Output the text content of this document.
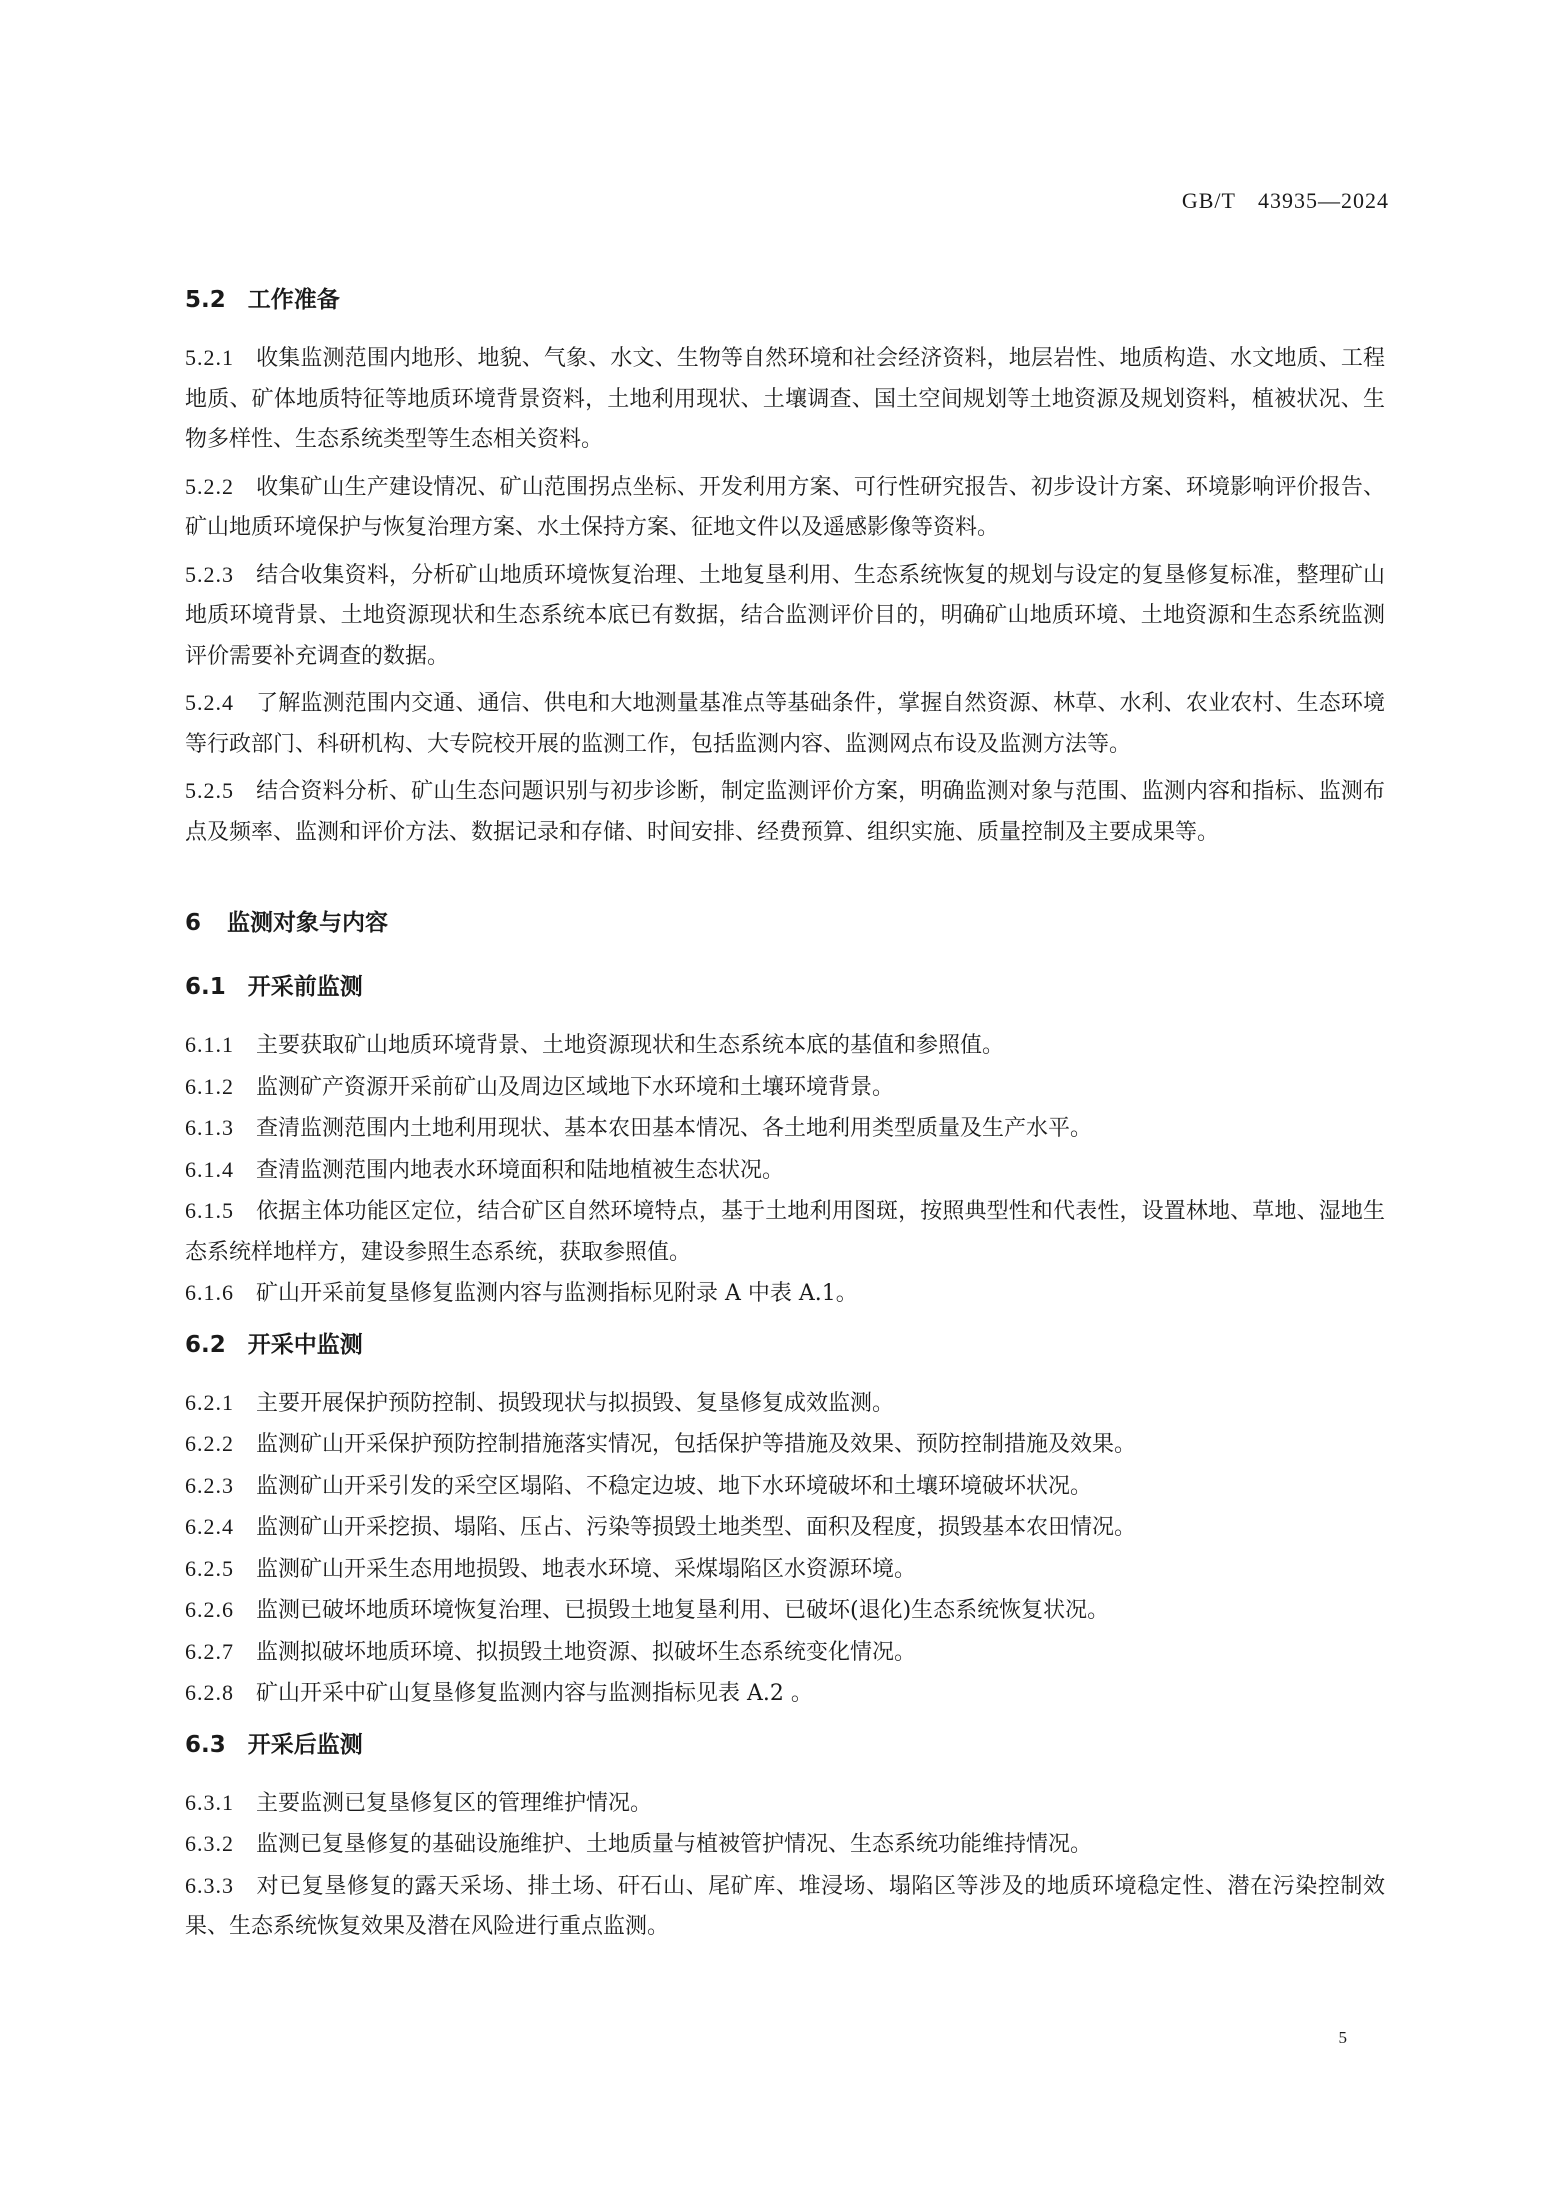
GB/T 43935—2024
5.2 工作准备

5.2.1 收集监测范围内地形、地貌、气象、水文、生物等自然环境和社会经济资料，地层岩性、地质构造、水文地质、工程地质、矿体地质特征等地质环境背景资料，土地利用现状、土壤调查、国土空间规划等土地资源及规划资料，植被状况、生物多样性、生态系统类型等生态相关资料。

5.2.2 收集矿山生产建设情况、矿山范围拐点坐标、开发利用方案、可行性研究报告、初步设计方案、环境影响评价报告、矿山地质环境保护与恢复治理方案、水土保持方案、征地文件以及遥感影像等资料。

5.2.3 结合收集资料，分析矿山地质环境恢复治理、土地复垦利用、生态系统恢复的规划与设定的复垦修复标准，整理矿山地质环境背景、土地资源现状和生态系统本底已有数据，结合监测评价目的，明确矿山地质环境、土地资源和生态系统监测评价需要补充调查的数据。

5.2.4 了解监测范围内交通、通信、供电和大地测量基准点等基础条件，掌握自然资源、林草、水利、农业农村、生态环境等行政部门、科研机构、大专院校开展的监测工作，包括监测内容、监测网点布设及监测方法等。

5.2.5 结合资料分析、矿山生态问题识别与初步诊断，制定监测评价方案，明确监测对象与范围、监测内容和指标、监测布点及频率、监测和评价方法、数据记录和存储、时间安排、经费预算、组织实施、质量控制及主要成果等。

6 监测对象与内容
6.1 开采前监测

6.1.1 主要获取矿山地质环境背景、土地资源现状和生态系统本底的基值和参照值。

6.1.2 监测矿产资源开采前矿山及周边区域地下水环境和土壤环境背景。

6.1.3 查清监测范围内土地利用现状、基本农田基本情况、各土地利用类型质量及生产水平。

6.1.4 查清监测范围内地表水环境面积和陆地植被生态状况。

6.1.5 依据主体功能区定位，结合矿区自然环境特点，基于土地利用图斑，按照典型性和代表性，设置林地、草地、湿地生态系统样地样方，建设参照生态系统，获取参照值。

6.1.6 矿山开采前复垦修复监测内容与监测指标见附录 A 中表 A.1。

6.2 开采中监测

6.2.1 主要开展保护预防控制、损毁现状与拟损毁、复垦修复成效监测。

6.2.2 监测矿山开采保护预防控制措施落实情况，包括保护等措施及效果、预防控制措施及效果。

6.2.3 监测矿山开采引发的采空区塌陷、不稳定边坡、地下水环境破坏和土壤环境破坏状况。

6.2.4 监测矿山开采挖损、塌陷、压占、污染等损毁土地类型、面积及程度，损毁基本农田情况。

6.2.5 监测矿山开采生态用地损毁、地表水环境、采煤塌陷区水资源环境。

6.2.6 监测已破坏地质环境恢复治理、已损毁土地复垦利用、已破坏(退化)生态系统恢复状况。

6.2.7 监测拟破坏地质环境、拟损毁土地资源、拟破坏生态系统变化情况。

6.2.8 矿山开采中矿山复垦修复监测内容与监测指标见表 A.2 。

6.3 开采后监测

6.3.1 主要监测已复垦修复区的管理维护情况。

6.3.2 监测已复垦修复的基础设施维护、土地质量与植被管护情况、生态系统功能维持情况。

6.3.3 对已复垦修复的露天采场、排土场、矸石山、尾矿库、堆浸场、塌陷区等涉及的地质环境稳定性、潜在污染控制效果、生态系统恢复效果及潜在风险进行重点监测。

5
